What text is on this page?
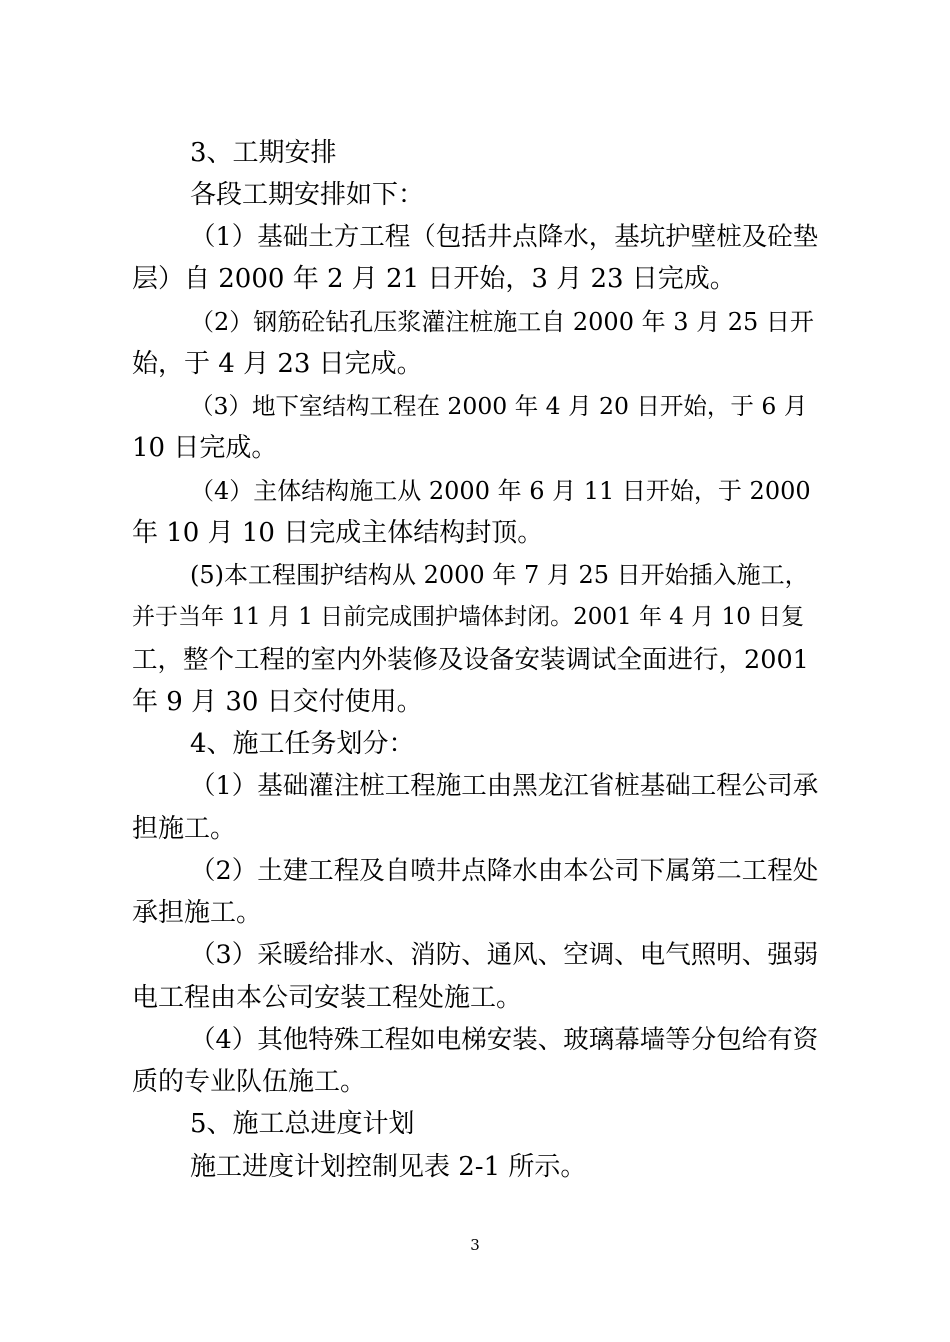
3、工期安排
各段工期安排如下：
（1）基础土方工程（包括井点降水，基坑护壁桩及砼垫
层）自 2000 年 2 月 21 日开始，3 月 23 日完成。
（2）钢筋砼钻孔压浆灌注桩施工自 2000 年 3 月 25 日开
始，于 4 月 23 日完成。
（3）地下室结构工程在 2000 年 4 月 20 日开始，于 6 月
10 日完成。
（4）主体结构施工从 2000 年 6 月 11 日开始，于 2000
年 10 月 10 日完成主体结构封顶。
(5)本工程围护结构从 2000 年 7 月 25 日开始插入施工，
并于当年 11 月 1 日前完成围护墙体封闭。2001 年 4 月 10 日复
工，整个工程的室内外装修及设备安装调试全面进行，2001
年 9 月 30 日交付使用。
4、施工任务划分：
（1）基础灌注桩工程施工由黑龙江省桩基础工程公司承
担施工。
（2）土建工程及自喷井点降水由本公司下属第二工程处
承担施工。
（3）采暖给排水、消防、通风、空调、电气照明、强弱
电工程由本公司安装工程处施工。
（4）其他特殊工程如电梯安装、玻璃幕墙等分包给有资
质的专业队伍施工。
5、施工总进度计划
施工进度计划控制见表 2-1 所示。
3
